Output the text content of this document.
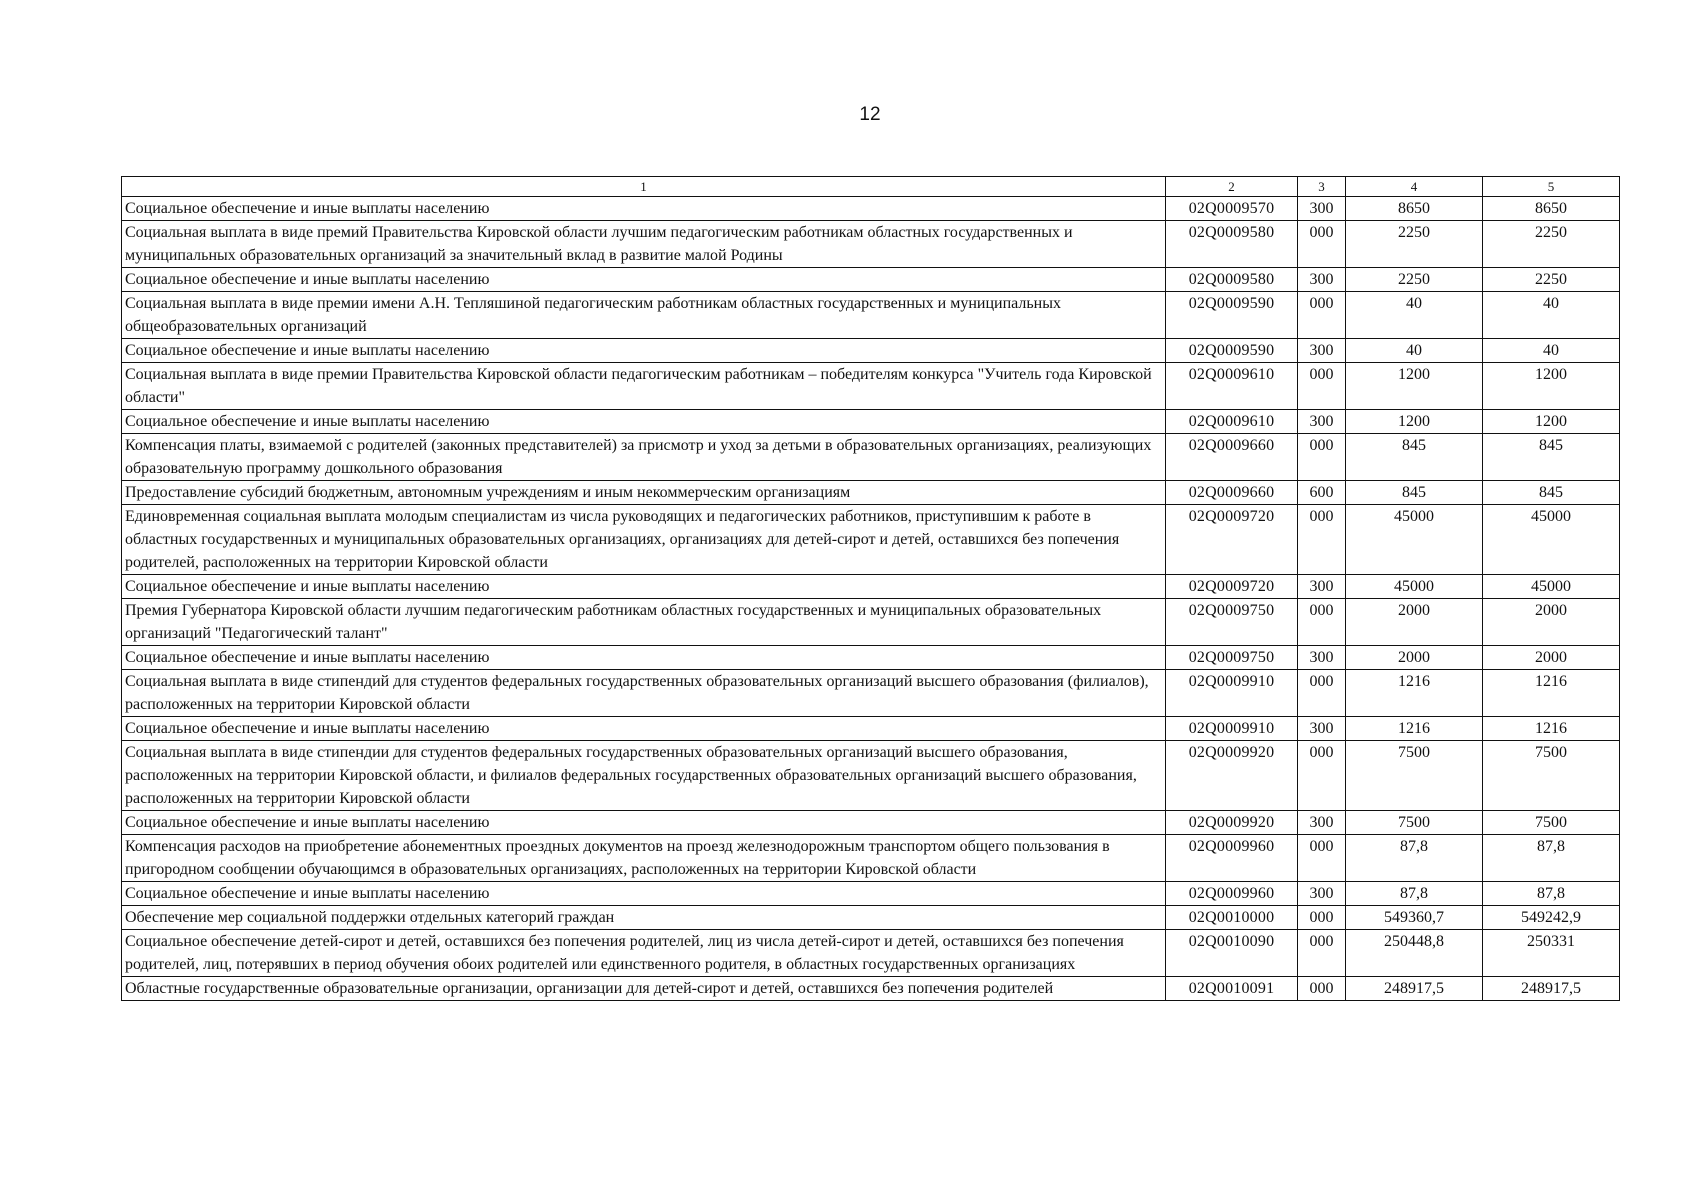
12
1	2	3	4	5
Социальное обеспечение и иные выплаты населению	02Q0009570	300	8650	8650
Социальная выплата в виде премий Правительства Кировской области лучшим педагогическим работникам областных государственных и муниципальных образовательных организаций за значительный вклад в развитие малой Родины	02Q0009580	000	2250	2250
Социальное обеспечение и иные выплаты населению	02Q0009580	300	2250	2250
Социальная выплата в виде премии имени А.Н. Тепляшиной педагогическим работникам областных государственных и муниципальных общеобразовательных организаций	02Q0009590	000	40	40
Социальное обеспечение и иные выплаты населению	02Q0009590	300	40	40
Социальная выплата в виде премии Правительства Кировской области педагогическим работникам – победителям конкурса "Учитель года Кировской области"	02Q0009610	000	1200	1200
Социальное обеспечение и иные выплаты населению	02Q0009610	300	1200	1200
Компенсация платы, взимаемой с родителей (законных представителей) за присмотр и уход за детьми в образовательных организациях, реализующих образовательную программу дошкольного образования	02Q0009660	000	845	845
Предоставление субсидий бюджетным, автономным учреждениям и иным некоммерческим организациям	02Q0009660	600	845	845
Единовременная социальная выплата молодым специалистам из числа руководящих и педагогических работников, приступившим к работе в областных государственных и муниципальных образовательных организациях, организациях для детей-сирот и детей, оставшихся без попечения родителей, расположенных на территории Кировской области	02Q0009720	000	45000	45000
Социальное обеспечение и иные выплаты населению	02Q0009720	300	45000	45000
Премия Губернатора Кировской области лучшим педагогическим работникам областных государственных и муниципальных образовательных организаций "Педагогический талант"	02Q0009750	000	2000	2000
Социальное обеспечение и иные выплаты населению	02Q0009750	300	2000	2000
Социальная выплата в виде стипендий для студентов федеральных государственных образовательных организаций высшего образования (филиалов), расположенных на территории Кировской области	02Q0009910	000	1216	1216
Социальное обеспечение и иные выплаты населению	02Q0009910	300	1216	1216
Социальная выплата в виде стипендии для студентов федеральных государственных образовательных организаций высшего образования, расположенных на территории Кировской области, и филиалов федеральных государственных образовательных организаций высшего образования, расположенных на территории Кировской области	02Q0009920	000	7500	7500
Социальное обеспечение и иные выплаты населению	02Q0009920	300	7500	7500
Компенсация расходов на приобретение абонементных проездных документов на проезд железнодорожным транспортом общего пользования в пригородном сообщении обучающимся в образовательных организациях, расположенных на территории Кировской области	02Q0009960	000	87,8	87,8
Социальное обеспечение и иные выплаты населению	02Q0009960	300	87,8	87,8
Обеспечение мер социальной поддержки отдельных категорий граждан	02Q0010000	000	549360,7	549242,9
Социальное обеспечение детей-сирот и детей, оставшихся без попечения родителей, лиц из числа детей-сирот и детей, оставшихся без попечения родителей, лиц, потерявших в период обучения обоих родителей или единственного родителя, в областных государственных организациях	02Q0010090	000	250448,8	250331
Областные государственные образовательные организации, организации для детей-сирот и детей, оставшихся без попечения родителей	02Q0010091	000	248917,5	248917,5
